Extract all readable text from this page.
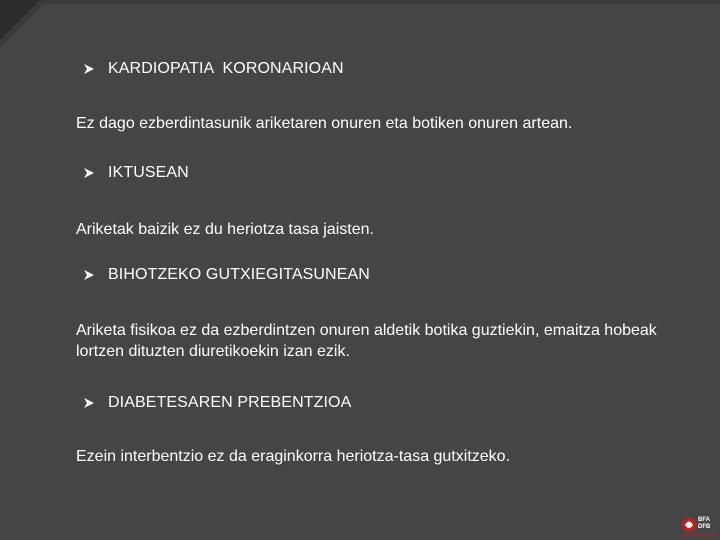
KARDIOPATIA  KORONARIOAN
Ez dago ezberdintasunik ariketaren onuren eta botiken onuren artean.
IKTUSEAN
Ariketak baizik ez du heriotza tasa jaisten.
BIHOTZEKO GUTXIEGITASUNEAN
Ariketa fisikoa ez da ezberdintzen onuren aldetik botika guztiekin, emaitza hobeak lortzen dituzten diuretikoekin izan ezik.
DIABETESAREN PREBENTZIOA
Ezein interbentzio ez da eraginkorra heriotza-tasa gutxitzeko.
BFA
DFB
